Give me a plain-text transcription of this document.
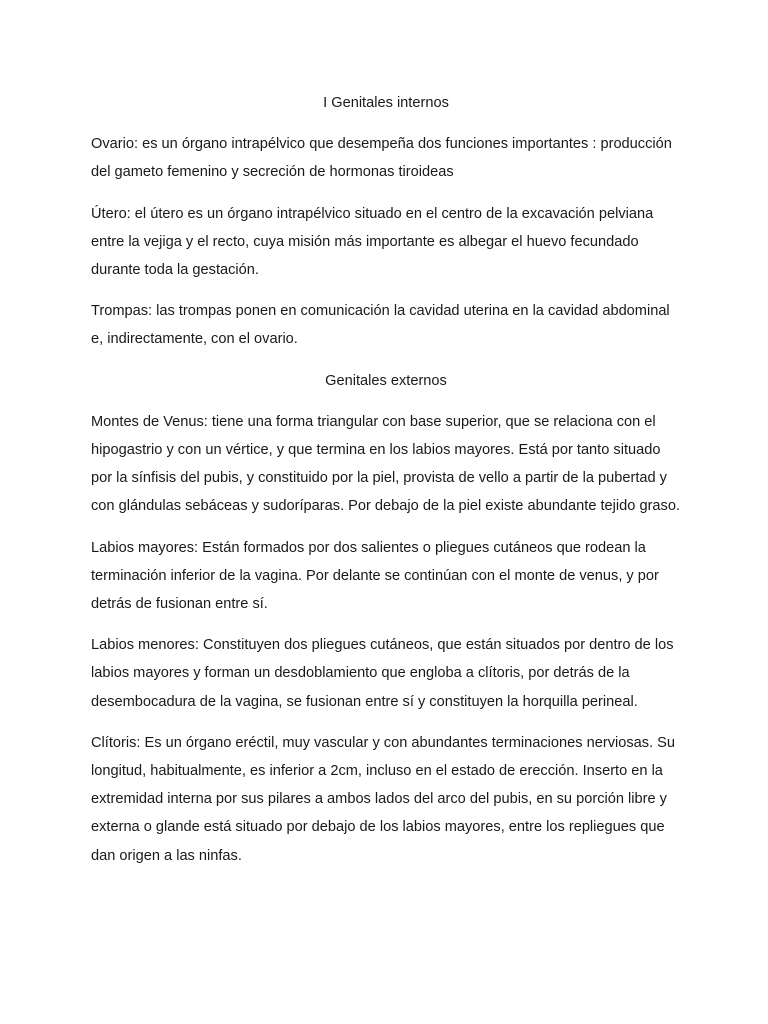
I Genitales internos

Ovario: es un órgano intrapélvico que desempeña dos funciones importantes : producción del gameto femenino y secreción de hormonas tiroideas

Útero: el útero es un órgano intrapélvico situado en el centro de la excavación pelviana entre la vejiga y el recto, cuya misión más importante es albegar el huevo fecundado durante toda la gestación.

Trompas: las trompas ponen en comunicación la cavidad uterina en la cavidad abdominal e, indirectamente, con el ovario.

Genitales externos

Montes de Venus: tiene una forma triangular con base superior, que se relaciona con el hipogastrio y con un vértice, y que termina en los labios mayores. Está por tanto situado por la sínfisis del pubis, y constituido por la piel, provista de vello a partir de la pubertad y con glándulas sebáceas y sudoríparas. Por debajo de la piel existe abundante tejido graso.

Labios mayores: Están formados por dos salientes o pliegues cutáneos que rodean la terminación inferior de la vagina. Por delante se continúan con el monte de venus, y por detrás de fusionan entre sí.

Labios menores: Constituyen dos pliegues cutáneos, que están situados por dentro de los labios mayores y forman un desdoblamiento que engloba a clítoris, por detrás de la desembocadura de la vagina, se fusionan entre sí y constituyen la horquilla perineal.

Clítoris: Es un órgano eréctil, muy vascular y con abundantes terminaciones nerviosas. Su longitud, habitualmente, es inferior a 2cm, incluso en el estado de erección. Inserto en la extremidad interna por sus pilares a ambos lados del arco del pubis, en su porción libre y externa o glande está situado por debajo de los labios mayores, entre los repliegues que dan origen a las ninfas.
